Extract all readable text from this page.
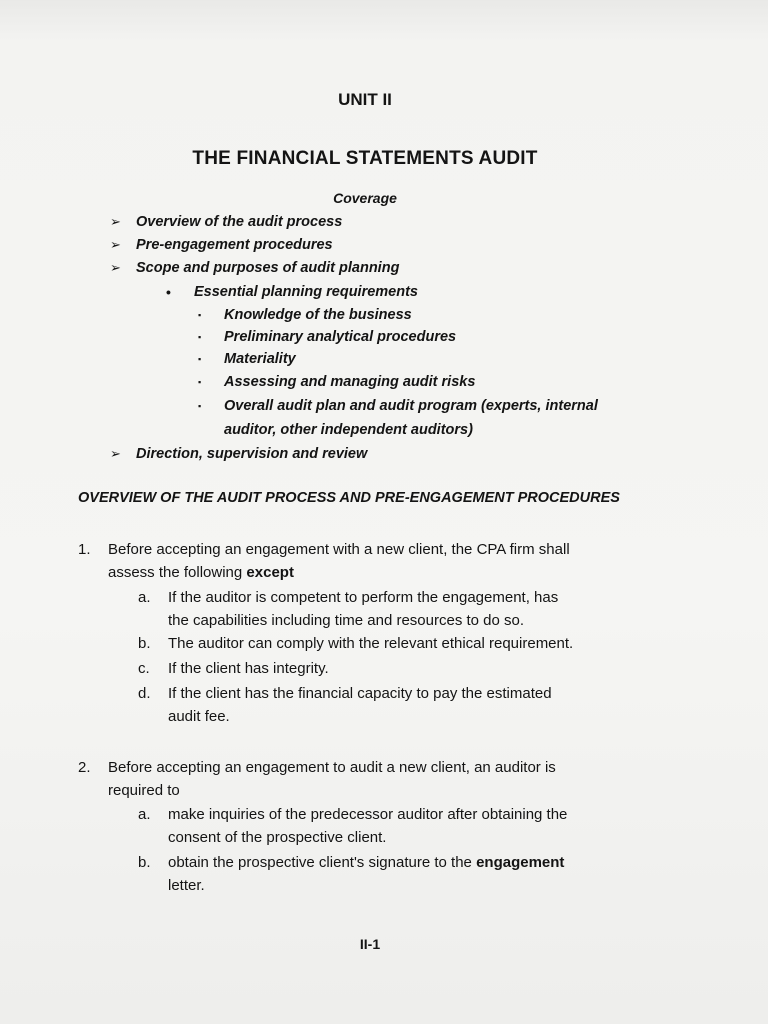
UNIT II
THE FINANCIAL STATEMENTS AUDIT
Coverage
➢ Overview of the audit process
➢ Pre-engagement procedures
➢ Scope and purposes of audit planning
• Essential planning requirements
▪ Knowledge of the business
▪ Preliminary analytical procedures
▪ Materiality
▪ Assessing and managing audit risks
▪ Overall audit plan and audit program (experts, internal
auditor, other independent auditors)
➢ Direction, supervision and review
OVERVIEW OF THE AUDIT PROCESS AND PRE-ENGAGEMENT PROCEDURES
1. Before accepting an engagement with a new client, the CPA firm shall
assess the following except
a. If the auditor is competent to perform the engagement, has
the capabilities including time and resources to do so.
b. The auditor can comply with the relevant ethical requirement.
c. If the client has integrity.
d. If the client has the financial capacity to pay the estimated
audit fee.
2. Before accepting an engagement to audit a new client, an auditor is
required to
a. make inquiries of the predecessor auditor after obtaining the
consent of the prospective client.
b. obtain the prospective client's signature to the engagement
letter.
II-1
